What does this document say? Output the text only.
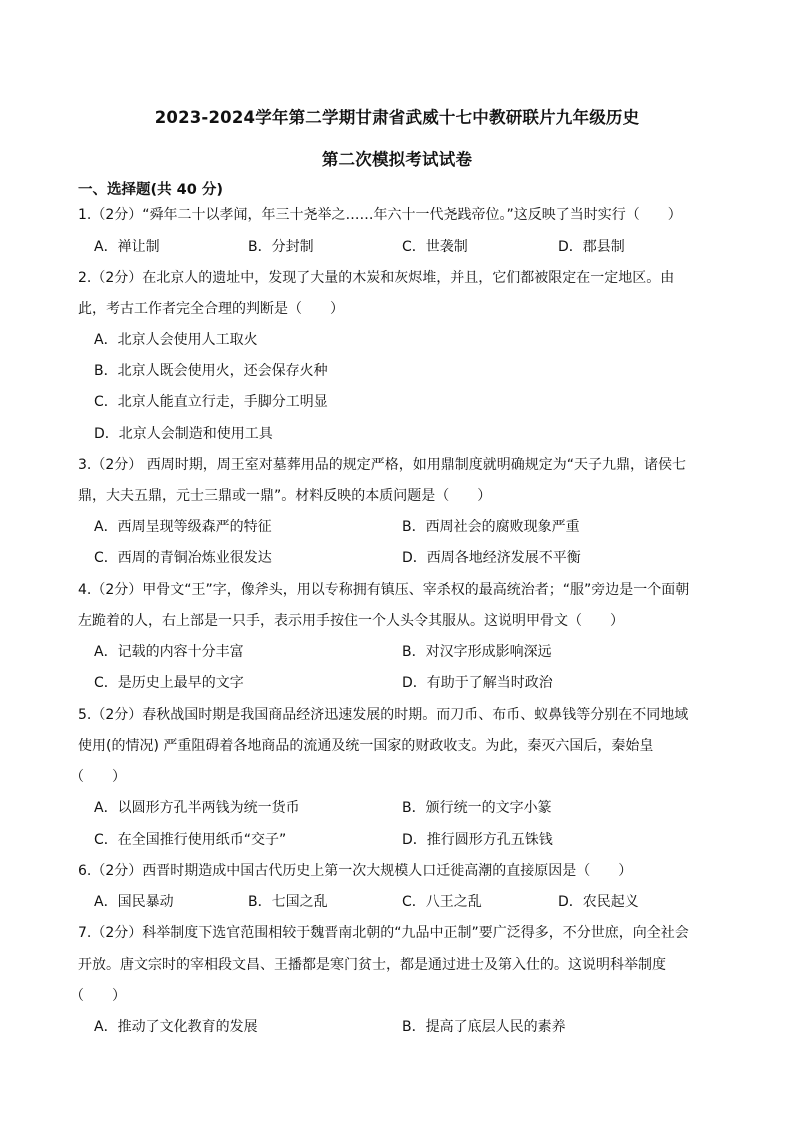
2023-2024学年第二学期甘肃省武威十七中教研联片九年级历史
第二次模拟考试试卷
一、选择题(共 40 分)
1.（2分）“舜年二十以孝闻，年三十尧举之……年六十一代尧践帝位。”这反映了当时实行（　　）
A．禅让制	B．分封制	C．世袭制	D．郡县制
2.（2分）在北京人的遗址中，发现了大量的木炭和灰烬堆，并且，它们都被限定在一定地区。由
此，考古工作者完全合理的判断是（　　）
A．北京人会使用人工取火
B．北京人既会使用火，还会保存火种
C．北京人能直立行走，手脚分工明显
D．北京人会制造和使用工具
3.（2分） 西周时期，周王室对墓葬用品的规定严格，如用鼎制度就明确规定为“天子九鼎，诸侯七
鼎，大夫五鼎，元士三鼎或一鼎”。材料反映的本质问题是（　　）
A．西周呈现等级森严的特征	B．西周社会的腐败现象严重
C．西周的青铜冶炼业很发达	D．西周各地经济发展不平衡
4.（2分）甲骨文“王”字，像斧头，用以专称拥有镇压、宰杀权的最高统治者；“服”旁边是一个面朝
左跪着的人，右上部是一只手，表示用手按住一个人头令其服从。这说明甲骨文（　　）
A．记载的内容十分丰富	B．对汉字形成影响深远
C．是历史上最早的文字	D．有助于了解当时政治
5.（2分）春秋战国时期是我国商品经济迅速发展的时期。而刀币、布币、蚁鼻钱等分别在不同地域
使用(的情况) 严重阻碍着各地商品的流通及统一国家的财政收支。为此，秦灭六国后，秦始皇
（　　）
A．以圆形方孔半两钱为统一货币	B．颁行统一的文字小篆
C．在全国推行使用纸币“交子”	D．推行圆形方孔五铢钱
6.（2分）西晋时期造成中国古代历史上第一次大规模人口迁徙高潮的直接原因是（　　）
A．国民暴动	B．七国之乱	C．八王之乱	D．农民起义
7.（2分）科举制度下选官范围相较于魏晋南北朝的“九品中正制”要广泛得多，不分世庶，向全社会
开放。唐文宗时的宰相段文昌、王播都是寒门贫士，都是通过进士及第入仕的。这说明科举制度
（　　）
A．推动了文化教育的发展	B．提高了底层人民的素养
